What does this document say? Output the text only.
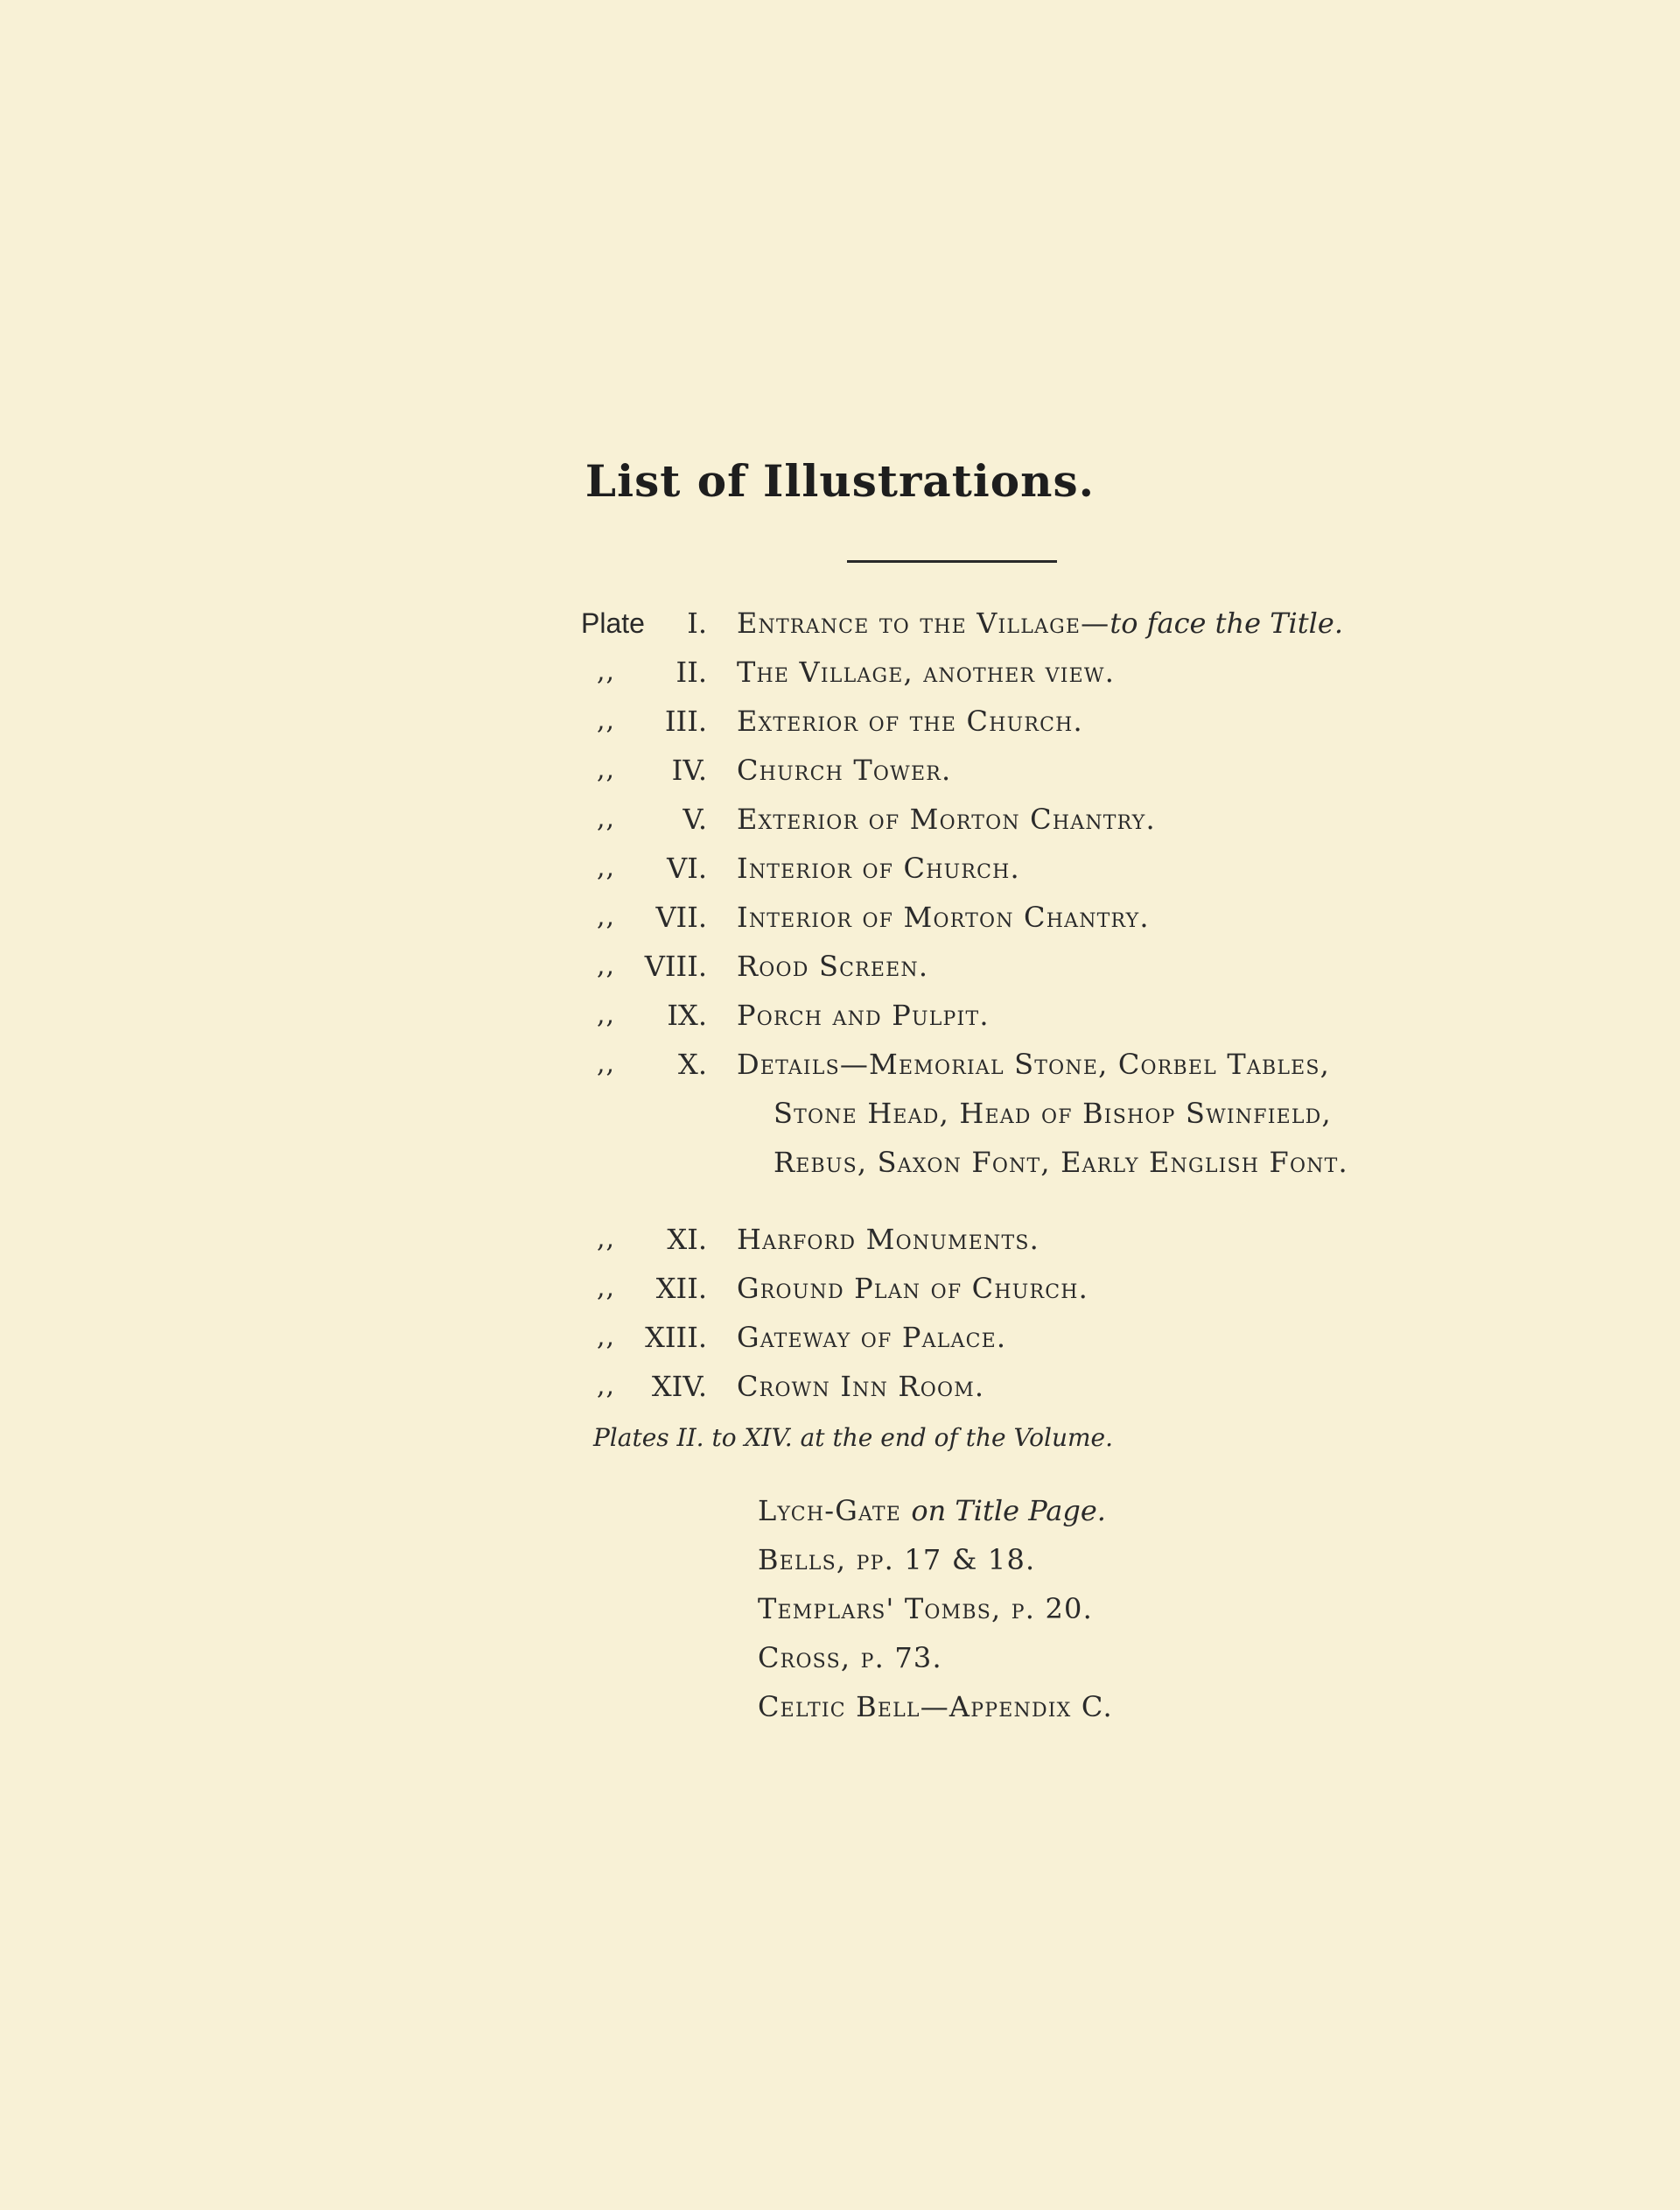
List of Illustrations.
Plate	I. Entrance to the Village—to face the Title.
,,	II. The Village, another view.
,,	III. Exterior of the Church.
,,	IV. Church Tower.
,,	V. Exterior of Morton Chantry.
,,	VI. Interior of Church.
,,	VII. Interior of Morton Chantry.
,,	VIII. Rood Screen.
,,	IX. Porch and Pulpit.
,,	X. Details—Memorial Stone, Corbel Tables,
Stone Head, Head of Bishop Swinfield,
Rebus, Saxon Font, Early English Font.
,,	XI. Harford Monuments.
,,	XII. Ground Plan of Church.
,,	XIII. Gateway of Palace.
,,	XIV. Crown Inn Room.
Plates II. to XIV. at the end of the Volume.
Lych-Gate on Title Page.
Bells, pp. 17 & 18.
Templars' Tombs, p. 20.
Cross, p. 73.
Celtic Bell—Appendix C.
